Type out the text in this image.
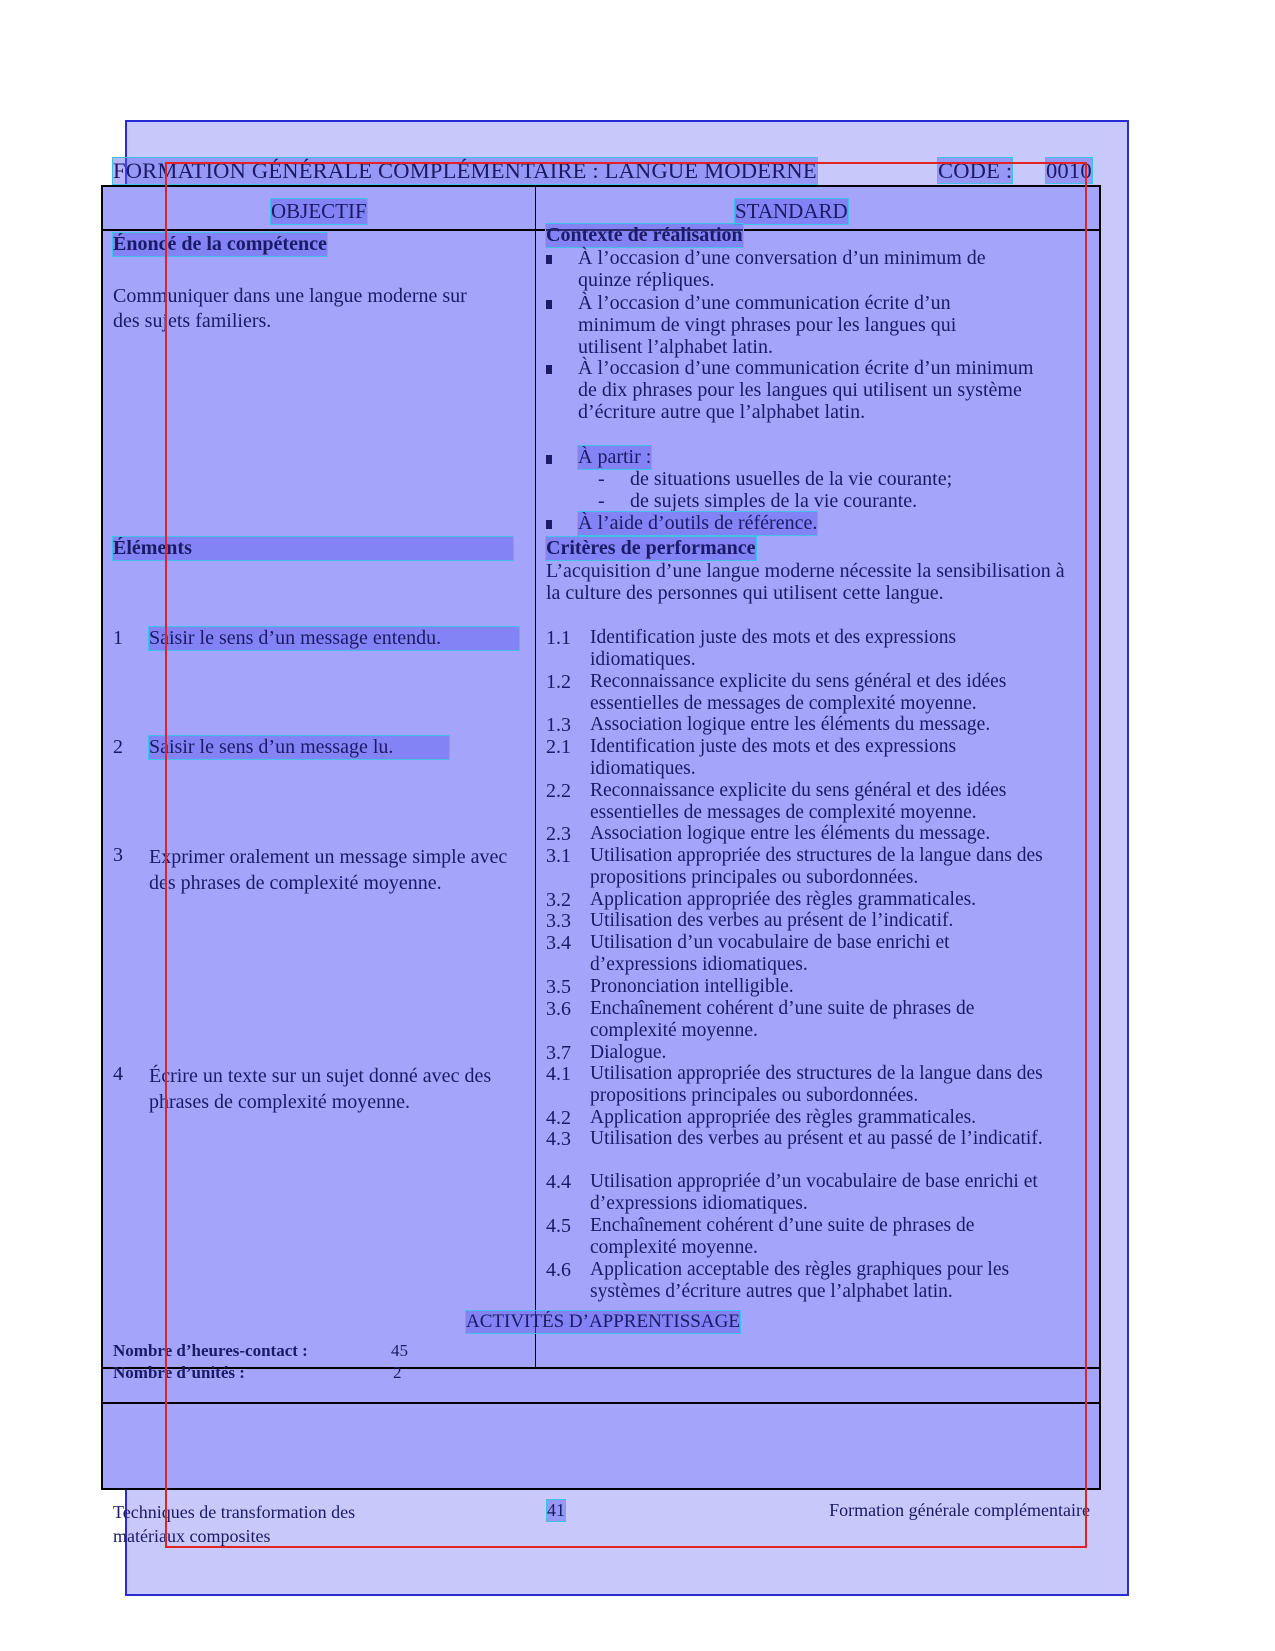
FORMATION GÉNÉRALE COMPLÉMENTAIRE : LANGUE MODERNE	CODE : 0010
OBJECTIF	STANDARD
Énoncé de la compétence
Communiquer dans une langue moderne sur des sujets familiers.
Éléments
1 Saisir le sens d’un message entendu.
2 Saisir le sens d’un message lu.
3 Exprimer oralement un message simple avec des phrases de complexité moyenne.
4 Écrire un texte sur un sujet donné avec des phrases de complexité moyenne.
Contexte de réalisation
À l’occasion d’une conversation d’un minimum de quinze répliques.
À l’occasion d’une communication écrite d’un minimum de vingt phrases pour les langues qui utilisent l’alphabet latin.
À l’occasion d’une communication écrite d’un minimum de dix phrases pour les langues qui utilisent un système d’écriture autre que l’alphabet latin.
À partir :
- de situations usuelles de la vie courante;
- de sujets simples de la vie courante.
À l’aide d’outils de référence.
Critères de performance
L’acquisition d’une langue moderne nécessite la sensibilisation à la culture des personnes qui utilisent cette langue.
1.1 Identification juste des mots et des expressions idiomatiques.
1.2 Reconnaissance explicite du sens général et des idées essentielles de messages de complexité moyenne.
1.3 Association logique entre les éléments du message.
2.1 Identification juste des mots et des expressions idiomatiques.
2.2 Reconnaissance explicite du sens général et des idées essentielles de messages de complexité moyenne.
2.3 Association logique entre les éléments du message.
3.1 Utilisation appropriée des structures de la langue dans des propositions principales ou subordonnées.
3.2 Application appropriée des règles grammaticales.
3.3 Utilisation des verbes au présent de l’indicatif.
3.4 Utilisation d’un vocabulaire de base enrichi et d’expressions idiomatiques.
3.5 Prononciation intelligible.
3.6 Enchaînement cohérent d’une suite de phrases de complexité moyenne.
3.7 Dialogue.
4.1 Utilisation appropriée des structures de la langue dans des propositions principales ou subordonnées.
4.2 Application appropriée des règles grammaticales.
4.3 Utilisation des verbes au présent et au passé de l’indicatif.
4.4 Utilisation appropriée d’un vocabulaire de base enrichi et d’expressions idiomatiques.
4.5 Enchaînement cohérent d’une suite de phrases de complexité moyenne.
4.6 Application acceptable des règles graphiques pour les systèmes d’écriture autres que l’alphabet latin.
ACTIVITÉS D’APPRENTISSAGE
Nombre d’heures-contact :	45
Nombre d’unités :	2
Techniques de transformation des matériaux composites
41	Formation générale complémentaire
